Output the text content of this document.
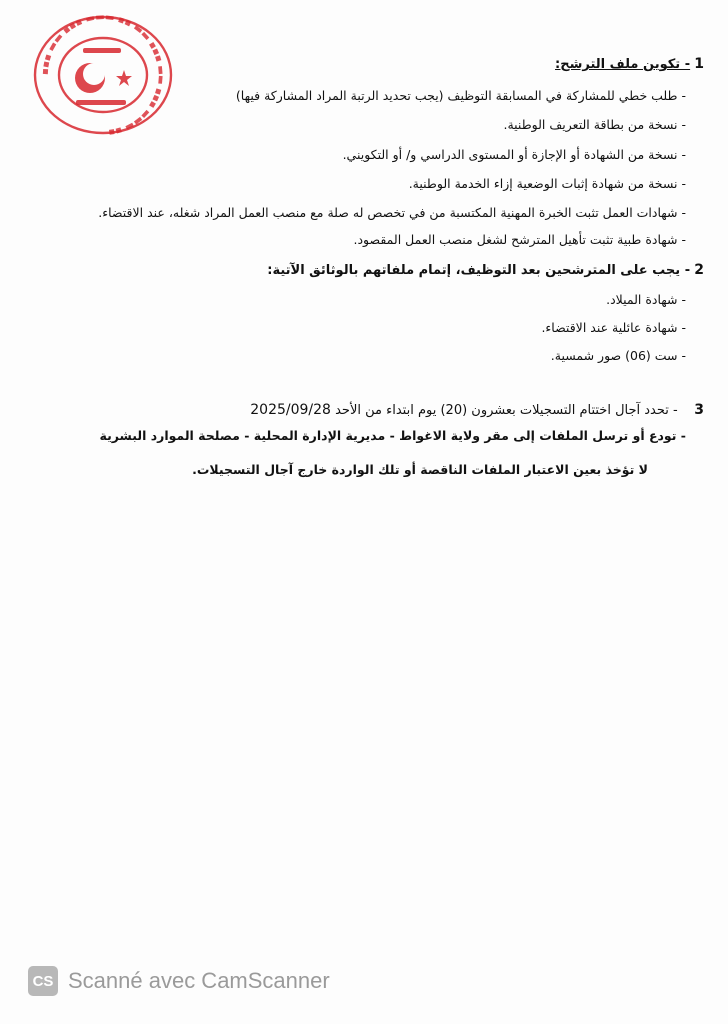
▪▪▪ ▬▬ ▪▪▪ ▬▬▬ ▪▪ ▬▬ ▪▪▪ ▬▬ ▪▪▪ ▬▬▬ ▪▪
1 - تكوين ملف الترشح:
- طلب خطي للمشاركة في المسابقة التوظيف (يجب تحديد الرتبة المراد المشاركة فيها)
- نسخة من بطاقة التعريف الوطنية.
- نسخة من الشهادة أو الإجازة أو المستوى الدراسي و/ أو التكويني.
- نسخة من شهادة إثبات الوضعية إزاء الخدمة الوطنية.
- شهادات العمل تثبت الخبرة المهنية المكتسبة من في تخصص له صلة مع منصب العمل المراد شغله، عند الاقتضاء.
- شهادة طبية تثبت تأهيل المترشح لشغل منصب العمل المقصود.
2 - يجب على المترشحين بعد التوظيف، إتمام ملفاتهم بالوثائق الآتية:
- شهادة الميلاد.
- شهادة عائلية عند الاقتضاء.
- ست (06) صور شمسية.
3    - تحدد آجال اختتام التسجيلات بعشرون (20) يوم ابتداء من الأحد 2025/09/28
- تودع أو ترسل الملفات إلى مقر ولاية الاغواط - مديرية الإدارة المحلية - مصلحة الموارد البشرية
لا تؤخذ بعين الاعتبار الملفات الناقصة أو تلك الواردة خارج آجال التسجيلات.
CS Scanné avec CamScanner
